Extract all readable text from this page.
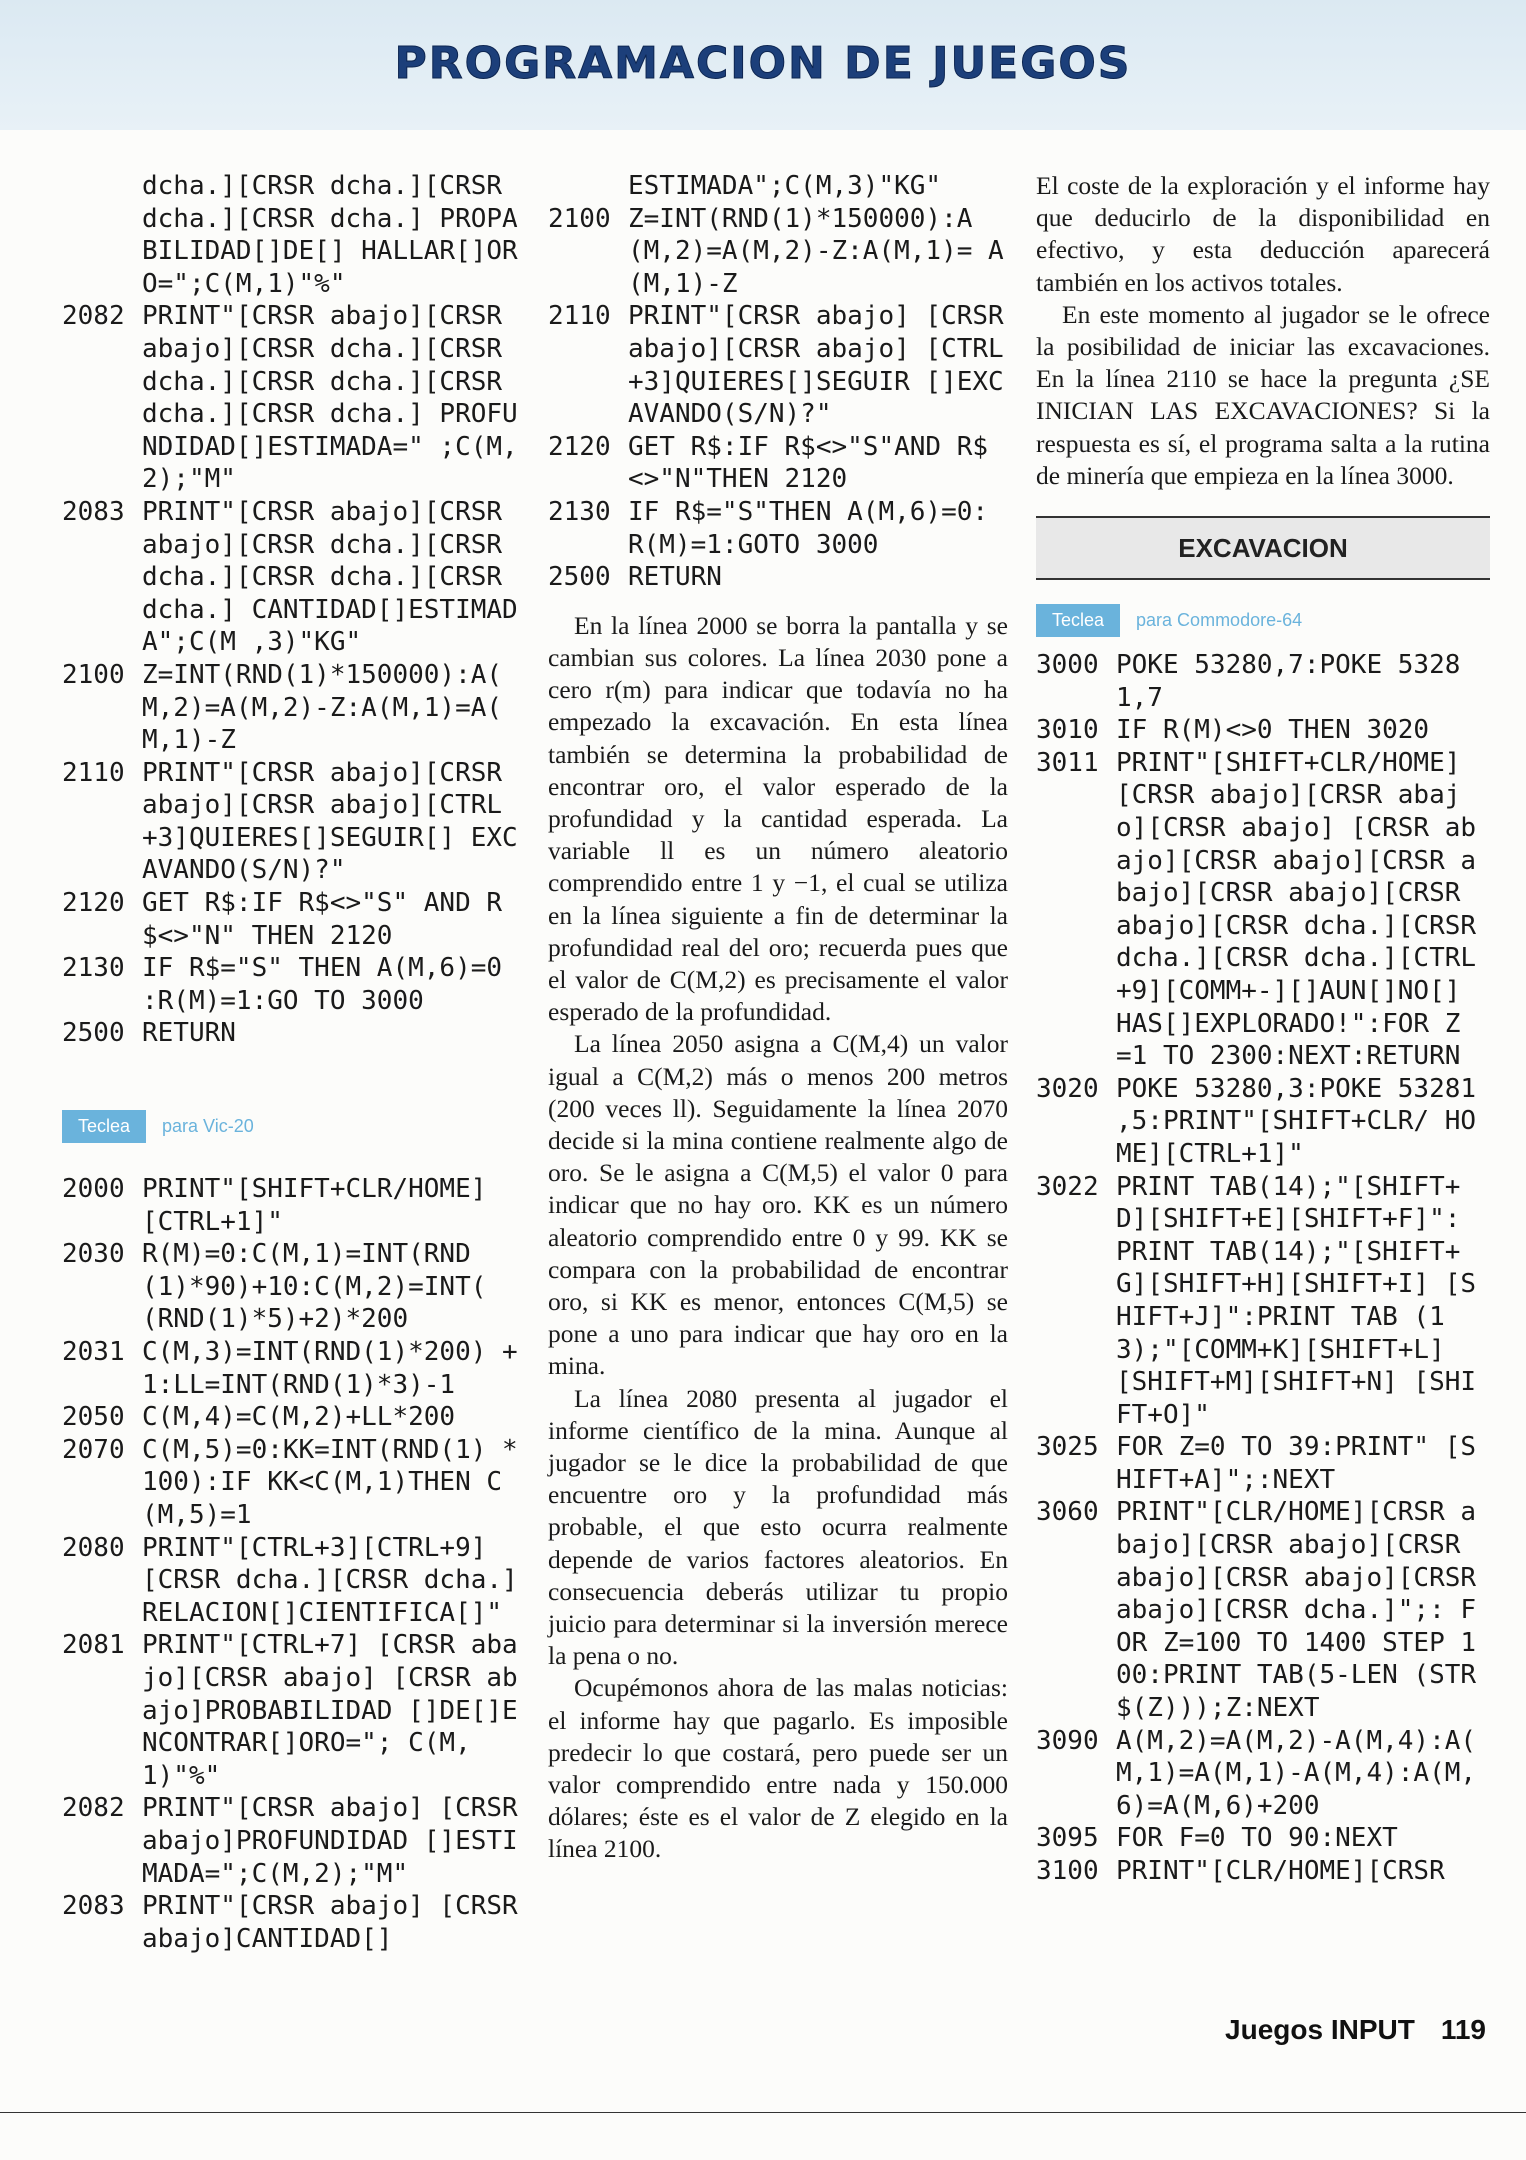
PROGRAMACION DE JUEGOS
dcha.][CRSR dcha.][CRSR dcha.][CRSR dcha.] PROPABILIDAD[]DE[] HALLAR[]ORO=";C(M,1)"%"
2082 PRINT"[CRSR abajo][CRSR abajo][CRSR dcha.][CRSR dcha.][CRSR dcha.][CRSR dcha.][CRSR dcha.] PROFUNDIDAD[]ESTIMADA=" ;C(M,2);"M"
2083 PRINT"[CRSR abajo][CRSR abajo][CRSR dcha.][CRSR dcha.][CRSR dcha.][CRSR dcha.] CANTIDAD[]ESTIMADA";C(M ,3)"KG"
2100 Z=INT(RND(1)*150000):A( M,2)=A(M,2)-Z:A(M,1)=A( M,1)-Z
2110 PRINT"[CRSR abajo][CRSR abajo][CRSR abajo][CTRL +3]QUIERES[]SEGUIR[] EXCAVANDO(S/N)?"
2120 GET R$:IF R$<>"S" AND R$<>"N" THEN 2120
2130 IF R$="S" THEN A(M,6)=0 :R(M)=1:GO TO 3000
2500 RETURN
Teclea	para Vic-20
2000 PRINT"[SHIFT+CLR/HOME] [CTRL+1]"
2030 R(M)=0:C(M,1)=INT(RND (1)*90)+10:C(M,2)=INT( (RND(1)*5)+2)*200
2031 C(M,3)=INT(RND(1)*200) +1:LL=INT(RND(1)*3)-1
2050 C(M,4)=C(M,2)+LL*200
2070 C(M,5)=0:KK=INT(RND(1) *100):IF KK<C(M,1)THEN C(M,5)=1
2080 PRINT"[CTRL+3][CTRL+9] [CRSR dcha.][CRSR dcha.] RELACION[]CIENTIFICA[]"
2081 PRINT"[CTRL+7] [CRSR abajo][CRSR abajo] [CRSR abajo]PROBABILIDAD []DE[]ENCONTRAR[]ORO="; C(M,1)"%"
2082 PRINT"[CRSR abajo] [CRSR abajo]PROFUNDIDAD []ESTIMADA=";C(M,2);"M"
2083 PRINT"[CRSR abajo] [CRSR abajo]CANTIDAD[]
ESTIMADA";C(M,3)"KG"
2100 Z=INT(RND(1)*150000):A (M,2)=A(M,2)-Z:A(M,1)= A(M,1)-Z
2110 PRINT"[CRSR abajo] [CRSR abajo][CRSR abajo] [CTRL+3]QUIERES[]SEGUIR []EXCAVANDO(S/N)?"
2120 GET R$:IF R$<>"S"AND R$ <>"N"THEN 2120
2130 IF R$="S"THEN A(M,6)=0: R(M)=1:GOTO 3000
2500 RETURN

En la línea 2000 se borra la pantalla y se cambian sus colores. La línea 2030 pone a cero r(m) para indicar que todavía no ha empezado la excavación. En esta línea también se determina la probabilidad de encontrar oro, el valor esperado de la profundidad y la cantidad esperada. La variable ll es un número aleatorio comprendido entre 1 y −1, el cual se utiliza en la línea siguiente a fin de determinar la profundidad real del oro; recuerda pues que el valor de C(M,2) es precisamente el valor esperado de la profundidad.

La línea 2050 asigna a C(M,4) un valor igual a C(M,2) más o menos 200 metros (200 veces ll). Seguidamente la línea 2070 decide si la mina contiene realmente algo de oro. Se le asigna a C(M,5) el valor 0 para indicar que no hay oro. KK es un número aleatorio comprendido entre 0 y 99. KK se compara con la probabilidad de encontrar oro, si KK es menor, entonces C(M,5) se pone a uno para indicar que hay oro en la mina.

La línea 2080 presenta al jugador el informe científico de la mina. Aunque al jugador se le dice la probabilidad de que encuentre oro y la profundidad más probable, el que esto ocurra realmente depende de varios factores aleatorios. En consecuencia deberás utilizar tu propio juicio para determinar si la inversión merece la pena o no.

Ocupémonos ahora de las malas noticias: el informe hay que pagarlo. Es imposible predecir lo que costará, pero puede ser un valor comprendido entre nada y 150.000 dólares; éste es el valor de Z elegido en la línea 2100.

El coste de la exploración y el informe hay que deducirlo de la disponibilidad en efectivo, y esta deducción aparecerá también en los activos totales.

En este momento al jugador se le ofrece la posibilidad de iniciar las excavaciones. En la línea 2110 se hace la pregunta ¿SE INICIAN LAS EXCAVACIONES? Si la respuesta es sí, el programa salta a la rutina de minería que empieza en la línea 3000.

EXCAVACION
Teclea	para Commodore-64
3000 POKE 53280,7:POKE 5328 1,7
3010 IF R(M)<>0 THEN 3020
3011 PRINT"[SHIFT+CLR/HOME] [CRSR abajo][CRSR abajo][CRSR abajo] [CRSR abajo][CRSR abajo][CRSR abajo][CRSR abajo][CRSR abajo][CRSR dcha.][CRSR dcha.][CRSR dcha.][CTRL +9][COMM+-][]AUN[]NO[] HAS[]EXPLORADO!":FOR Z =1 TO 2300:NEXT:RETURN
3020 POKE 53280,3:POKE 53281 ,5:PRINT"[SHIFT+CLR/ HOME][CTRL+1]"
3022 PRINT TAB(14);"[SHIFT+ D][SHIFT+E][SHIFT+F]": PRINT TAB(14);"[SHIFT+ G][SHIFT+H][SHIFT+I] [SHIFT+J]":PRINT TAB (13);"[COMM+K][SHIFT+L] [SHIFT+M][SHIFT+N] [SHIFT+O]"
3025 FOR Z=0 TO 39:PRINT" [SHIFT+A]";:NEXT
3060 PRINT"[CLR/HOME][CRSR abajo][CRSR abajo][CRSR abajo][CRSR abajo][CRSR abajo][CRSR dcha.]";: FOR Z=100 TO 1400 STEP 100:PRINT TAB(5-LEN (STR$(Z)));Z:NEXT
3090 A(M,2)=A(M,2)-A(M,4):A( M,1)=A(M,1)-A(M,4):A(M, 6)=A(M,6)+200
3095 FOR F=0 TO 90:NEXT
3100 PRINT"[CLR/HOME][CRSR
Juegos INPUT 119
